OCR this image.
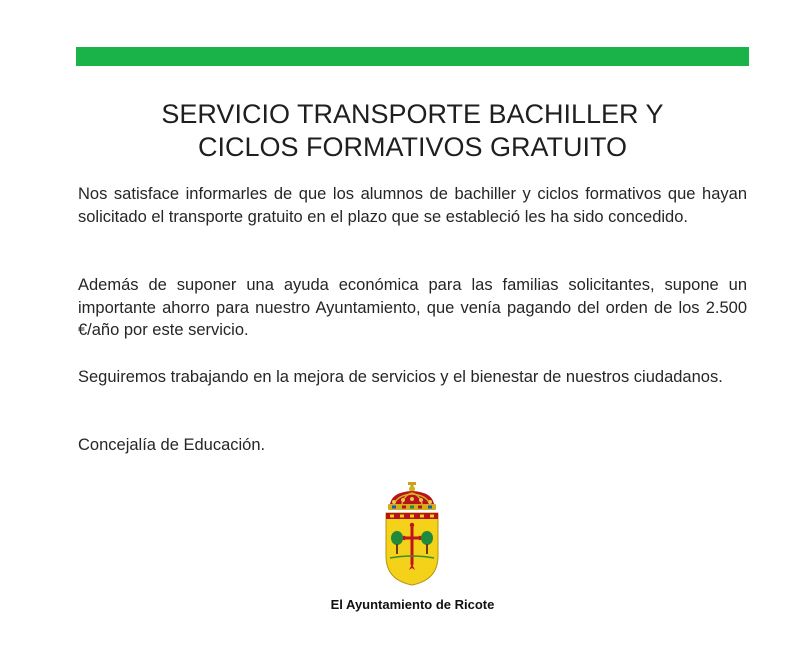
SERVICIO TRANSPORTE BACHILLER Y
CICLOS FORMATIVOS GRATUITO

Nos satisface informarles de que los alumnos de bachiller y ciclos formativos que hayan solicitado el transporte gratuito en el plazo que se estableció les ha sido concedido.

Además de suponer una ayuda económica para las familias solicitantes, supone un importante ahorro para nuestro Ayuntamiento, que venía pagando del orden de los 2.500 €/año por este servicio.

Seguiremos trabajando en la mejora de servicios y el bienestar de nuestros ciudadanos.

Concejalía de Educación.

El Ayuntamiento de Ricote
